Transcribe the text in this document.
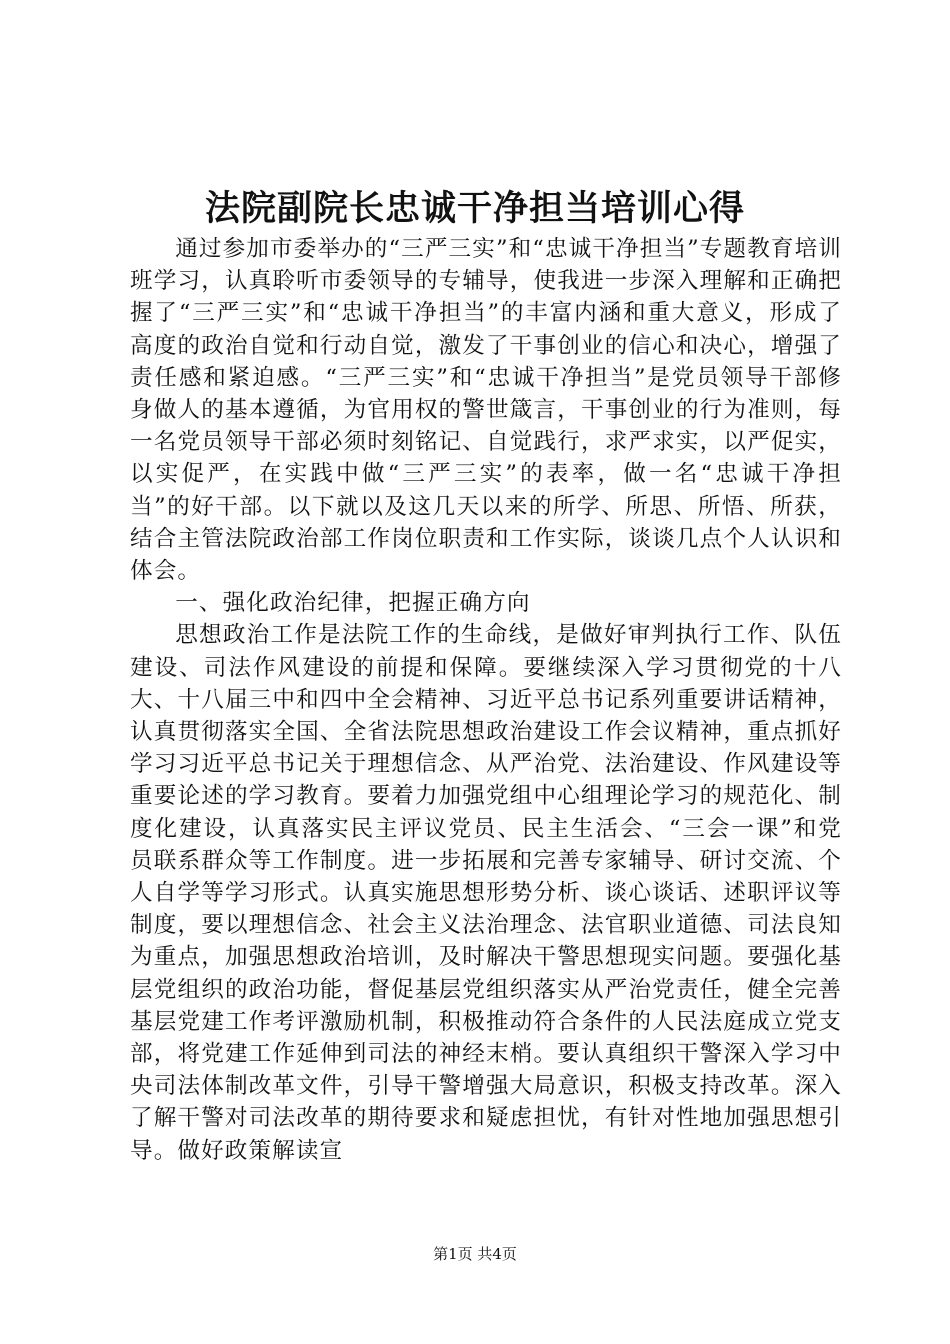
法院副院长忠诚干净担当培训心得

通过参加市委举办的“三严三实”和“忠诚干净担当”专题教育培训班学习，认真聆听市委领导的专辅导，使我进一步深入理解和正确把握了“三严三实”和“忠诚干净担当”的丰富内涵和重大意义，形成了高度的政治自觉和行动自觉，激发了干事创业的信心和决心，增强了责任感和紧迫感。“三严三实”和“忠诚干净担当”是党员领导干部修身做人的基本遵循，为官用权的警世箴言，干事创业的行为准则，每一名党员领导干部必须时刻铭记、自觉践行，求严求实，以严促实，以实促严，在实践中做“三严三实”的表率，做一名“忠诚干净担当”的好干部。以下就以及这几天以来的所学、所思、所悟、所获，结合主管法院政治部工作岗位职责和工作实际，谈谈几点个人认识和体会。

一、强化政治纪律，把握正确方向

思想政治工作是法院工作的生命线，是做好审判执行工作、队伍建设、司法作风建设的前提和保障。要继续深入学习贯彻党的十八大、十八届三中和四中全会精神、习近平总书记系列重要讲话精神，认真贯彻落实全国、全省法院思想政治建设工作会议精神，重点抓好学习习近平总书记关于理想信念、从严治党、法治建设、作风建设等重要论述的学习教育。要着力加强党组中心组理论学习的规范化、制度化建设，认真落实民主评议党员、民主生活会、“三会一课”和党员联系群众等工作制度。进一步拓展和完善专家辅导、研讨交流、个人自学等学习形式。认真实施思想形势分析、谈心谈话、述职评议等制度，要以理想信念、社会主义法治理念、法官职业道德、司法良知为重点，加强思想政治培训，及时解决干警思想现实问题。要强化基层党组织的政治功能，督促基层党组织落实从严治党责任，健全完善基层党建工作考评激励机制，积极推动符合条件的人民法庭成立党支部，将党建工作延伸到司法的神经末梢。要认真组织干警深入学习中央司法体制改革文件，引导干警增强大局意识，积极支持改革。深入了解干警对司法改革的期待要求和疑虑担忧，有针对性地加强思想引导。做好政策解读宣

第1页 共4页
